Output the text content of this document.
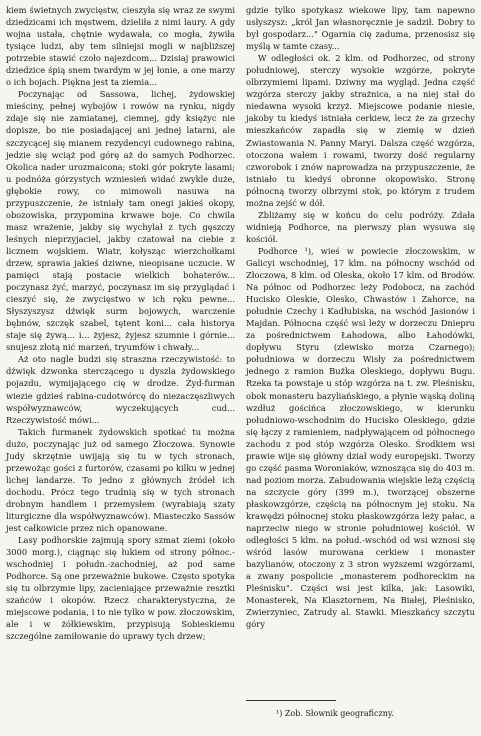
kiem świetnych zwycięstw, cieszyła się wraz ze swymi dziedzicami ich męstwem, dzieliła z nimi laury. A gdy wojna ustała, chętnie wydawała, co mogła, żywiła tysiące ludzi, aby tem silniejsi mogli w najbliższej potrzebie stawić czoło najezdcom... Dzisiaj prawowici dziedzice śpią snem twardym w jej łonie, a one marzy o ich bojach. Piękna jest ta ziemia...

Poczynając od Sassowa, lichej, żydowskiej mieściny, pełnej wybojów i rowów na rynku, nigdy zdaje się nie zamiatanej, ciemnej, gdy księżyc nie dopisze, bo nie posiadającej ani jednej latarni, ale szczycącej się mianem rezydencyi cudownego rabina, jedzie się wciąż pod górę aż do samych Podhorzec. Okolica nader urozmaicona; stoki gór pokryte lasami; u podnóża górzystych wzniesień widać zwykle duże, głębokie rowy, co mimowoli nasuwa na przypuszczenie, że istniały tam onegi jakieś okopy, obozowiska, przypomina krwawe boje. Co chwila masz wrażenie, jakby się wychylał z tych gęszczy leśnych nieprzyjaciel, jakby czatował na ciebie z licznem wojskiem. Wiatr, kołysząc wierzchołkami drzew, sprawia jakieś dziwne, nieopisane uczucie. W pamięci stają postacie wielkich bohaterów... poczynasz żyć, marzyć, poczynasz im się przyglądać i cieszyć się, że zwycięstwo w ich ręku pewne... Słyszyszysz dźwięk surm bojowych, warczenie bębnów, szczęk szabel, tętent koni... cała historya staje się żywą... i... żyjesz, żyjesz szumnie i górnie... snujesz złotą nić marzeń, tryumfów i chwały...

Aż oto nagle budzi się straszna rzeczywistość: to dźwięk dzwonka sterczącego u dyszla żydowskiego pojazdu, wymijającego cię w drodze. Żyd-furman wiezie gdzieś rabina-cudotwórcę do niezaczęszliwych współwyznawców, wyczekujących cud... Rzeczywistość mówi...

Takich furmanek żydowskich spotkać tu można dużo, poczynając już od samego Złoczowa. Synowie Judy skrzętnie uwijają się tu w tych stronach, przewożąc gości z furtorów, czasami po kilku w jednej lichej landarze. To jedno z głównych źródeł ich dochodu. Prócz tego trudnią się w tych stronach drobnym handlem i przemysłem (wyrabiają szaty liturgiczne dla współwyznawców). Miasteczko Sassów jest całkowicie przez nich opanowane.

Lasy podhorskie zajmują spory szmat ziemi (około 3000 morg.), ciągnąc się łukiem od strony północ.-wschodniej i połudn.-zachodniej, aż pod same Podhorce. Są one przeważnie bukowe. Często spotyka się tu olbrzymie lipy, zacieniające przeważnie resztki szańców i okopów. Rzecz charakterystyczna, że miejscowe podania, i to nie tylko w pow. złoczowskim, ale i w żółkiewskim, przypisują Sobieskiemu szczególne zamiłowanie do uprawy tych drzew;

gdzie tylko spotykasz wiekowe lipy, tam napewno usłyszysz: „król Jan własnoręcznie je sadził. Dobry to był gospodarz..." Ogarnia cię zaduma, przenosisz się myślą w tamte czasy...

W odległości ok. 2 klm. od Podhorzec, od strony południowej, sterczy wysokie wzgórze, pokryte olbrzymiemi lipami. Dziwny ma wygląd. Jedna część wzgórza sterczy jakby strażnica, a na niej stał do niedawna wysoki krzyż. Miejscowe podanie niesie, jakoby tu kiedyś istniała cerkiew, lecz że za grzechy mieszkańców zapadła się w ziemię w dzień Zwiastowania N. Panny Maryi. Dalsza część wzgórza, otoczona wałem i rowami, tworzy dość regularny czworobok i znów naprowadza na przypuszczenie, że istniało tu kiedyś obronne okopowisko. Stronę północną tworzy olbrzymi stok, po którym z trudem można zejść w dół.

Zbliżamy się w końcu do celu podróży. Zdała widnieją Podhorce, na pierwszy plan wysuwa się kościół.

Podhorce ¹), wieś w powiecie złoczowskim, w Galicyi wschodniej, 17 klm. na północny wschód od Złoczowa, 8 klm. od Oleska, około 17 klm. od Brodów. Na północ od Podhorzec leży Podobocz, na zachód Hucisko Oleskie, Olesko, Chwastów i Zahorce, na południe Czechy i Kadłubiska, na wschód Jasionów i Majdan. Północna część wsi leży w dorzeczu Dniepru za pośrednictwem Łahodowa, albo Łahodówki, dopływu Styru (zlewisko morza Czarnego); południowa w dorzeczu Wisły za pośrednictwem jednego z ramion Bużka Oleskiego, dopływu Bugu. Rzeka ta powstaje u stóp wzgórza na t. zw. Pleśnisku, obok monasteru bazyliańskiego, a płynie wąską doliną wzdłuż gościńca złoczowskiego, w kierunku południowo-wschodnim do Hucisko Oleskiego, gdzie się łączy z ramieniem, nadpływającem od północnego zachodu z pod stóp wzgórza Olesko. Środkiem wsi prawie wije się główny dział wody europejski. Tworzy go część pasma Woroniaków, wznosząca się do 403 m. nad poziom morza. Zabudowania wiejskie leżą częścią na szczycie góry (399 m.), tworzącej obszerne płaskowzgórze, częścią na północnym jej stoku. Na krawędzi północnej stoku płaskowzgórza leży pałac, a naprzeciw niego w stronie południowej kościół. W odległości 5 klm. na połud.-wschód od wsi wznosi się wśród lasów murowana cerkiew i monaster bazylianów, otoczony z 3 stron wyższemi wzgórzami, a zwany pospolicie „monasterem podhoreckim na Pleśnisku". Części wsi jest kilka, jak: Lasowiki, Monasterek, Na Klasztornem, Na Białej, Pleśnisko, Zwierzyniec, Zatrudy al. Stawki. Mieszkańcy szczytu góry

¹) Zob. Słownik geograficzny.
